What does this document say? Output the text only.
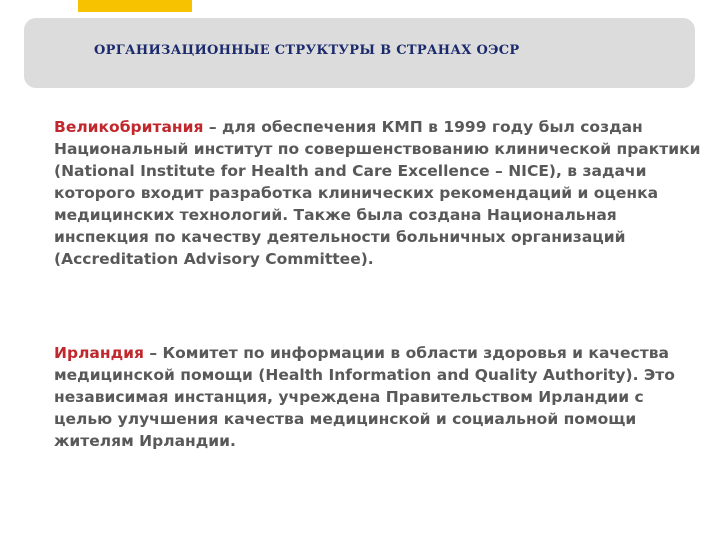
ОРГАНИЗАЦИОННЫЕ СТРУКТУРЫ В СТРАНАХ ОЭСР

Великобритания – для обеспечения КМП в 1999 году был создан Национальный институт по совершенствованию клинической практики (National Institute for Health and Care Excellence – NICE), в задачи которого входит разработка клинических рекомендаций и оценка медицинских технологий. Также была создана Национальная инспекция по качеству деятельности больничных организаций (Accreditation Advisory Committee).

Ирландия – Комитет по информации в области здоровья и качества медицинской помощи (Health Information and Quality Authority). Это независимая инстанция, учреждена Правительством Ирландии с целью улучшения качества медицинской и социальной помощи жителям Ирландии.
